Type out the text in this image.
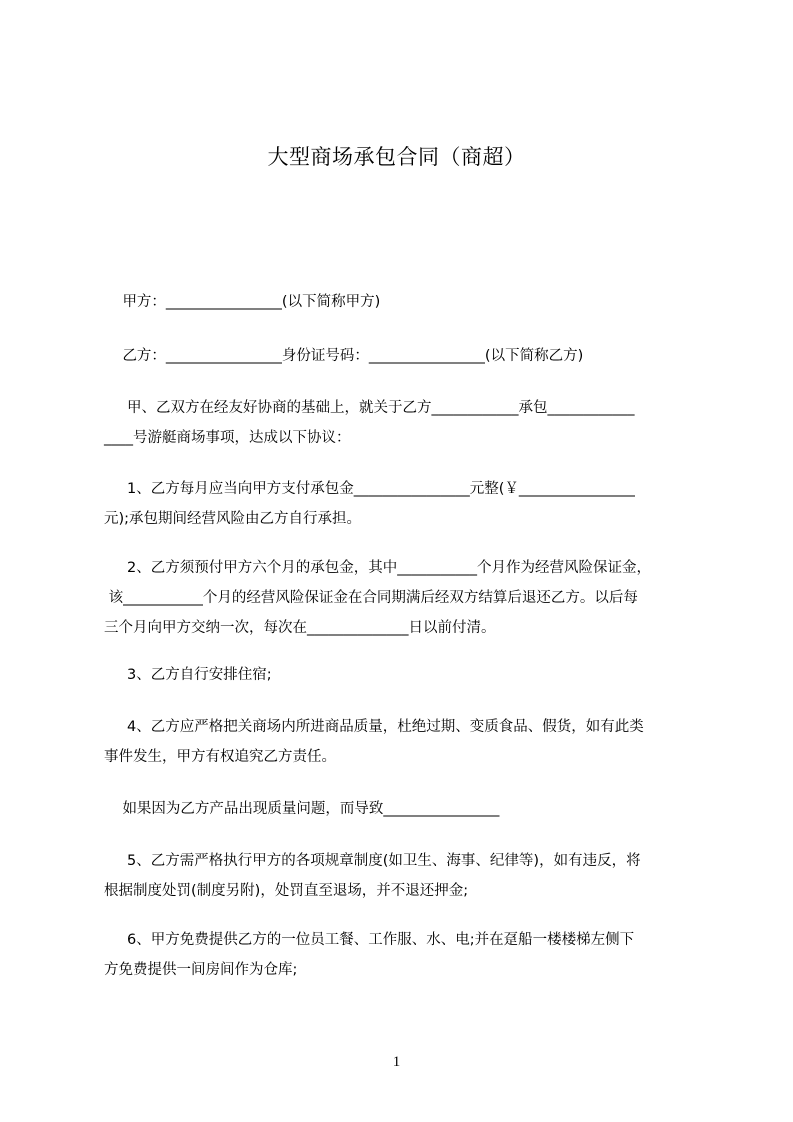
大型商场承包合同（商超）
甲方：________________(以下简称甲方)
乙方：________________身份证号码：________________(以下简称乙方)
甲、乙双方在经友好协商的基础上，就关于乙方____________承包____________
____号游艇商场事项，达成以下协议：
1、乙方每月应当向甲方支付承包金________________元整(￥________________
元);承包期间经营风险由乙方自行承担。
2、乙方须预付甲方六个月的承包金，其中___________个月作为经营风险保证金，
该___________个月的经营风险保证金在合同期满后经双方结算后退还乙方。以后每
三个月向甲方交纳一次，每次在______________日以前付清。
3、乙方自行安排住宿;
4、乙方应严格把关商场内所进商品质量，杜绝过期、变质食品、假货，如有此类
事件发生，甲方有权追究乙方责任。
如果因为乙方产品出现质量问题，而导致________________
5、乙方需严格执行甲方的各项规章制度(如卫生、海事、纪律等)，如有违反，将
根据制度处罚(制度另附)，处罚直至退场，并不退还押金;
6、甲方免费提供乙方的一位员工餐、工作服、水、电;并在趸船一楼楼梯左侧下
方免费提供一间房间作为仓库;
1
